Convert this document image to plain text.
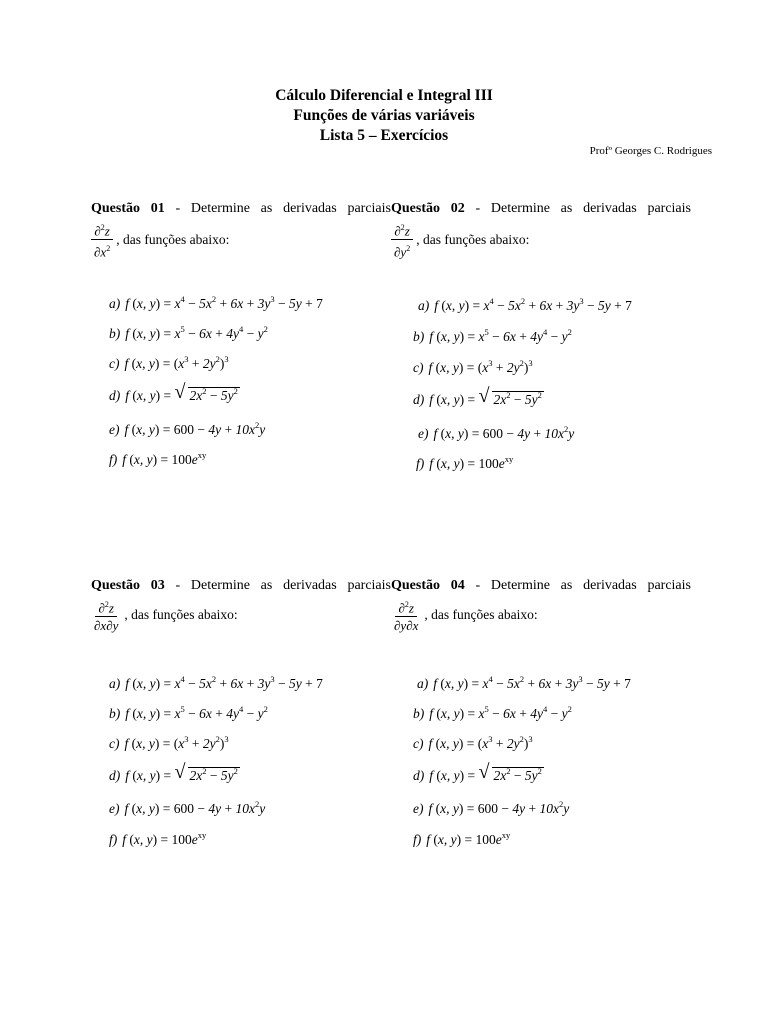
Cálculo Diferencial e Integral III
Funções de várias variáveis
Lista 5 – Exercícios
Profº Georges C. Rodrigues
Questão 01 - Determine as derivadas parciais
$\frac{\partial^2z}{\partial x^2}$ , das funções abaixo:
a) f (x, $y) = x^4 - 5x^2 + 6x + 3y^3 - 5y + 7$
b) f (x, $y) = x^5 - 6x + 4y^4 - y^2$
c) f (x, $y) = (x^3 + 2y^2)^3$
d) f (x, y) = √ $2x^2 - 5y^2$
e) f (x, $y) = 600 - 4y + 10x^2y$
f) f (x, $y) = 100e^{xy}$
Questão 02 - Determine as derivadas parciais
$\frac{\partial^2z}{\partial y^2}$ , das funções abaixo:
a) f (x, $y) = x^4 - 5x^2 + 6x + 3y^3 - 5y + 7$
b) f (x, $y) = x^5 - 6x + 4y^4 - y^2$
c) f (x, $y) = (x^3 + 2y^2)^3$
d) f (x, y) = √ $2x^2 - 5y^2$
e) f (x, $y) = 600 - 4y + 10x^2y$
f) f (x, $y) = 100e^{xy}$
Questão 03 - Determine as derivadas parciais
$\frac{\partial^2z}{\partial x\partial y}$ , das funções abaixo:
a) f (x, $y) = x^4 - 5x^2 + 6x + 3y^3 - 5y + 7$
b) f (x, $y) = x^5 - 6x + 4y^4 - y^2$
c) f (x, $y) = (x^3 + 2y^2)^3$
d) f (x, y) = √ $2x^2 - 5y^2$
e) f (x, $y) = 600 - 4y + 10x^2y$
f) f (x, $y) = 100e^{xy}$
Questão 04 - Determine as derivadas parciais
$\frac{\partial^2z}{\partial y\partial x}$ , das funções abaixo:
a) f (x, $y) = x^4 - 5x^2 + 6x + 3y^3 - 5y + 7$
b) f (x, $y) = x^5 - 6x + 4y^4 - y^2$
c) f (x, $y) = (x^3 + 2y^2)^3$
d) f (x, y) = √ $2x^2 - 5y^2$
e) f (x, $y) = 600 - 4y + 10x^2y$
f) f (x, $y) = 100e^{xy}$
